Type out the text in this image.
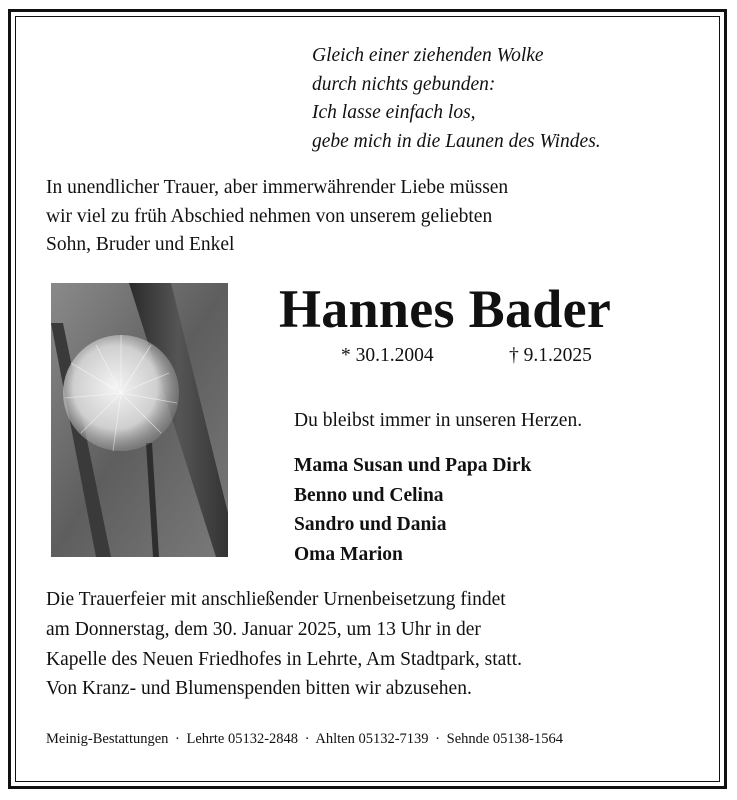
Gleich einer ziehenden Wolke
durch nichts gebunden:
Ich lasse einfach los,
gebe mich in die Launen des Windes.
In unendlicher Trauer, aber immerwährender Liebe müssen
wir viel zu früh Abschied nehmen von unserem geliebten
Sohn, Bruder und Enkel
Hannes Bader
* 30.1.2004	† 9.1.2025
Du bleibst immer in unseren Herzen.
Mama Susan und Papa Dirk
Benno und Celina
Sandro und Dania
Oma Marion
Die Trauerfeier mit anschließender Urnenbeisetzung findet
am Donnerstag, dem 30. Januar 2025, um 13 Uhr in der
Kapelle des Neuen Friedhofes in Lehrte, Am Stadtpark, statt.
Von Kranz- und Blumenspenden bitten wir abzusehen.
Meinig-Bestattungen · Lehrte 05132-2848 · Ahlten 05132-7139 · Sehnde 05138-1564
